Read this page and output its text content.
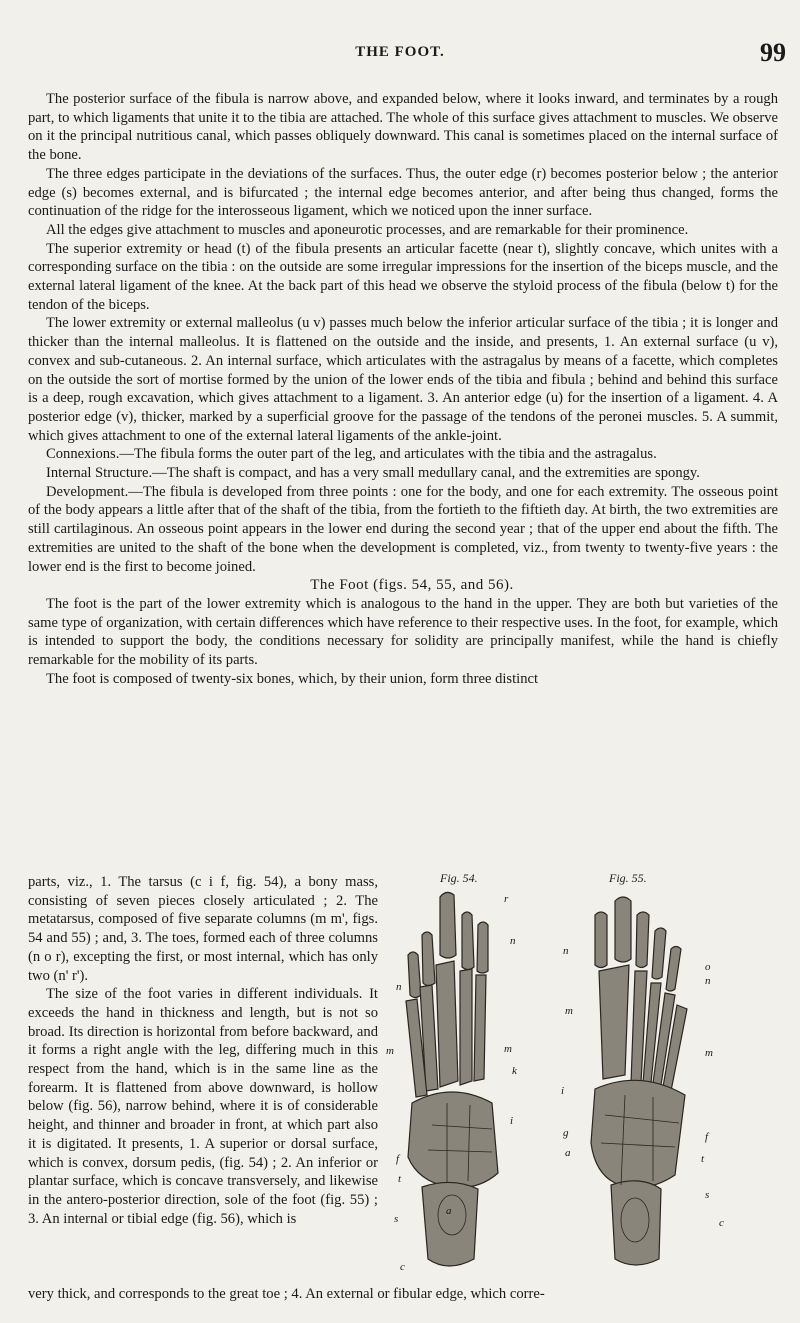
THE FOOT.	99

The posterior surface of the fibula is narrow above, and expanded below, where it looks inward, and terminates by a rough part, to which ligaments that unite it to the tibia are attached. The whole of this surface gives attachment to muscles. We observe on it the principal nutritious canal, which passes obliquely downward. This canal is sometimes placed on the internal surface of the bone.

The three edges participate in the deviations of the surfaces. Thus, the outer edge (r) becomes posterior below ; the anterior edge (s) becomes external, and is bifurcated ; the internal edge becomes anterior, and after being thus changed, forms the continuation of the ridge for the interosseous ligament, which we noticed upon the inner surface.

All the edges give attachment to muscles and aponeurotic processes, and are remarkable for their prominence.

The superior extremity or head (t) of the fibula presents an articular facette (near t), slightly concave, which unites with a corresponding surface on the tibia : on the outside are some irregular impressions for the insertion of the biceps muscle, and the external lateral ligament of the knee. At the back part of this head we observe the styloid process of the fibula (below t) for the tendon of the biceps.

The lower extremity or external malleolus (u v) passes much below the inferior articular surface of the tibia ; it is longer and thicker than the internal malleolus. It is flattened on the outside and the inside, and presents, 1. An external surface (u v), convex and sub-cutaneous. 2. An internal surface, which articulates with the astragalus by means of a facette, which completes on the outside the sort of mortise formed by the union of the lower ends of the tibia and fibula ; behind and behind this surface is a deep, rough excavation, which gives attachment to a ligament. 3. An anterior edge (u) for the insertion of a ligament. 4. A posterior edge (v), thicker, marked by a superficial groove for the passage of the tendons of the peronei muscles. 5. A summit, which gives attachment to one of the external lateral ligaments of the ankle-joint.

Connexions.—The fibula forms the outer part of the leg, and articulates with the tibia and the astragalus.

Internal Structure.—The shaft is compact, and has a very small medullary canal, and the extremities are spongy.

Development.—The fibula is developed from three points : one for the body, and one for each extremity. The osseous point of the body appears a little after that of the shaft of the tibia, from the fortieth to the fiftieth day. At birth, the two extremities are still cartilaginous. An osseous point appears in the lower end during the second year ; that of the upper end about the fifth. The extremities are united to the shaft of the bone when the development is completed, viz., from twenty to twenty-five years : the lower end is the first to become joined.

The Foot (figs. 54, 55, and 56).

The foot is the part of the lower extremity which is analogous to the hand in the upper. They are both but varieties of the same type of organization, with certain differences which have reference to their respective uses. In the foot, for example, which is intended to support the body, the conditions necessary for solidity are principally manifest, while the hand is chiefly remarkable for the mobility of its parts.

The foot is composed of twenty-six bones, which, by their union, form three distinct

parts, viz., 1. The tarsus (c i f, fig. 54), a bony mass, consisting of seven pieces closely articulated ; 2. The metatarsus, composed of five separate columns (m m', figs. 54 and 55) ; and, 3. The toes, formed each of three columns (n o r), excepting the first, or most internal, which has only two (n' r').

The size of the foot varies in different individuals. It exceeds the hand in thickness and length, but is not so broad. Its direction is horizontal from before backward, and it forms a right angle with the leg, differing much in this respect from the hand, which is in the same line as the forearm. It is flattened from above downward, is hollow below (fig. 56), narrow behind, where it is of considerable height, and thinner and broader in front, at which part also it is digitated. It presents, 1. A superior or dorsal surface, which is convex, dorsum pedis, (fig. 54) ; 2. An inferior or plantar surface, which is concave transversely, and likewise in the antero-posterior direction, sole of the foot (fig. 55) ; 3. An internal or tibial edge (fig. 56), which is

very thick, and corresponds to the great toe ; 4. An external or fibular edge, which corre-
Fig. 54.
r
n
m	m
k
n
i
f
t
a
s
c
Fig. 55.
n
o
n
m
m
i
g	f
a	t
s
c
